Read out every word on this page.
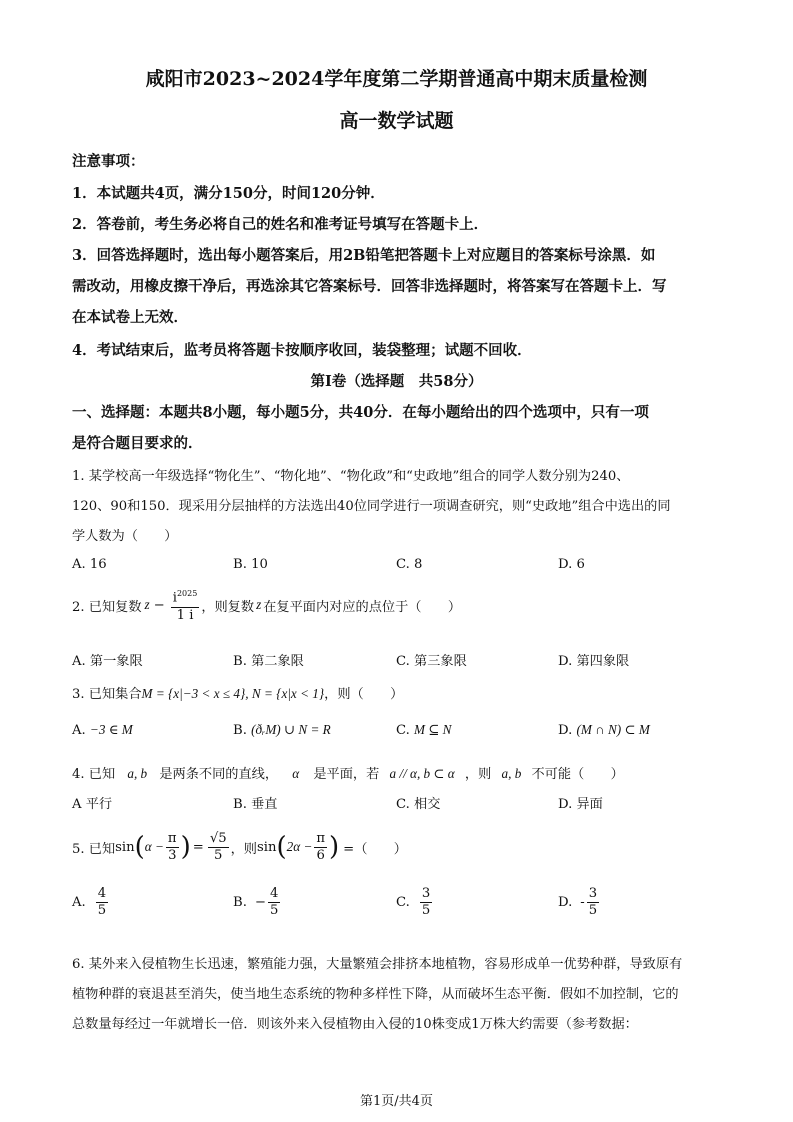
咸阳市2023~2024学年度第二学期普通高中期末质量检测
高一数学试题
注意事项：
1．本试题共4页，满分150分，时间120分钟．
2．答卷前，考生务必将自己的姓名和准考证号填写在答题卡上．
3．回答选择题时，选出每小题答案后，用2B铅笔把答题卡上对应题目的答案标号涂黑．如
需改动，用橡皮擦干净后，再选涂其它答案标号．回答非选择题时，将答案写在答题卡上．写
在本试卷上无效．
4．考试结束后，监考员将答题卡按顺序收回，装袋整理；试题不回收．
第Ⅰ卷（选择题　共58分）
一、选择题：本题共8小题，每小题5分，共40分．在每小题给出的四个选项中，只有一项
是符合题目要求的．
1. 某学校高一年级选择“物化生”、“物化地”、“物化政”和“史政地”组合的同学人数分别为240、
120、90和150．现采用分层抽样的方法选出40位同学进行一项调查研究，则“史政地”组合中选出的同
学人数为（　　）
A. 16	B. 10	C. 8	D. 6
2. 已知复数 $z - \frac{i^{2025}}{1 i}$ ，则复数 z 在复平面内对应的点位于（　　）
A. 第一象限	B. 第二象限	C. 第三象限	D. 第四象限
3. 已知集合M = {x|−3 < x ≤ 4}, N = {x|x < 1}，则（　　）
A. −3 ∈ M	B. (ðᵣM) ∪ N = R	C. M ⊆ N	D. (M ∩ N) ⊂ M
4. 已知 a, b 是两条不同的直线， α 是平面，若 a // α, b ⊂ α ，则 a, b 不可能（　　）
A 平行	B. 垂直	C. 相交	D. 异面
5. 已知 sin ( $\alpha - \frac{\pi}{3}$ ) = $\frac{√5}{5}$ ，则 sin ( $2\alpha - \frac{\pi}{6}$ ) =（　　）
A. $\frac{4}{5}$	B. − $\frac{4}{5}$	C. $\frac{3}{5}$	D. - $\frac{3}{5}$
6. 某外来入侵植物生长迅速，繁殖能力强，大量繁殖会排挤本地植物，容易形成单一优势种群，导致原有
植物种群的衰退甚至消失，使当地生态系统的物种多样性下降，从而破坏生态平衡．假如不加控制，它的
总数量每经过一年就增长一倍．则该外来入侵植物由入侵的10株变成1万株大约需要（参考数据：
第1页/共4页
